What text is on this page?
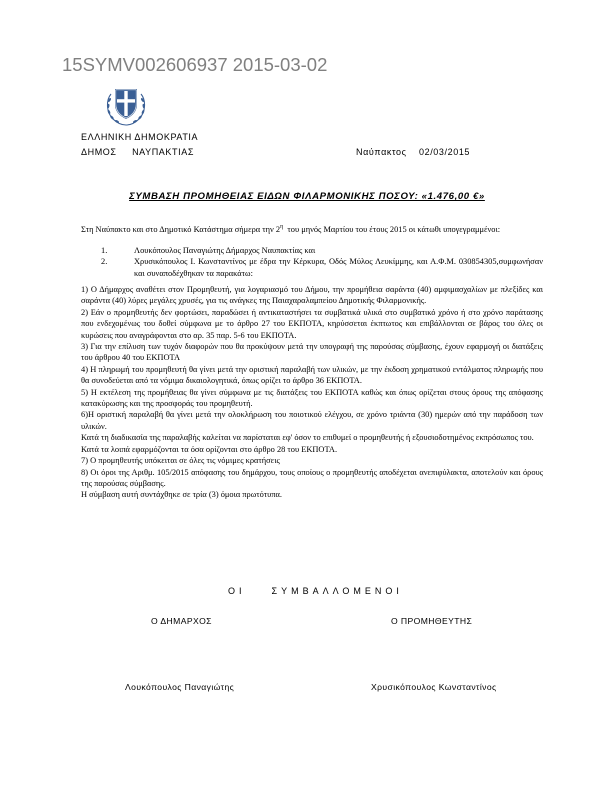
15SYMV002606937 2015-03-02
ΕΛΛΗΝΙΚΗ ΔΗΜΟΚΡΑΤΙΑ
ΔΗΜΟΣ     ΝΑΥΠΑΚΤΙΑΣ	Ναύπακτος    02/03/2015
ΣΥΜΒΑΣΗ ΠΡΟΜΗΘΕΙΑΣ ΕΙΔΩΝ ΦΙΛΑΡΜΟΝΙΚΗΣ ΠΟΣΟΥ: «1.476,00 €»
Στη Ναύπακτο και στο Δημοτικό Κατάστημα σήμερα την $2^\eta$  του μηνός Μαρτίου του έτους 2015 οι κάτωθι υπογεγραμμένοι:
1.	Λουκόπουλος Παναγιώτης Δήμαρχος Ναυπακτίας και
2.	Χρυσικόπουλος Ι. Κωνσταντίνος με έδρα την Κέρκυρα, Οδός Μύλος Λευκίμμης, και Α.Φ.Μ. 030854305,συμφωνήσαν και συναποδέχθηκαν τα παρακάτω:

1) Ο Δήμαρχος αναθέτει στον Προμηθευτή, για λογαριασμό του Δήμου, την προμήθεια σαράντα (40) αμφιμασχαλίων με πλεξίδες και σαράντα (40) λύρες μεγάλες χρυσές, για τις ανάγκες της Παιαχαραλαμπείου Δημοτικής Φιλαρμονικής.

2) Εάν ο προμηθευτής δεν φορτώσει, παραδώσει ή αντικαταστήσει τα συμβατικά υλικά στο συμβατικό χρόνο ή στο χρόνο παράτασης που ενδεχομένως του δοθεί σύμφωνα με το άρθρο 27 του ΕΚΠΟΤΑ, κηρύσσεται έκπτωτος και επιβάλλονται σε βάρος του όλες οι κυρώσεις που αναγράφονται στο αρ. 35 παρ. 5-6 του ΕΚΠΟΤΑ.

3) Για την επίλυση των τυχόν διαφορών που θα προκύψουν μετά την υπογραφή της παρούσας σύμβασης, έχουν εφαρμογή οι διατάξεις του άρθρου 40 του ΕΚΠΟΤΑ

4) Η πληρωμή του προμηθευτή θα γίνει μετά την οριστική παραλαβή των υλικών, με την έκδοση χρηματικού εντάλματος πληρωμής που θα συνοδεύεται από τα νόμιμα δικαιολογητικά, όπως ορίζει το άρθρο 36 ΕΚΠΟΤΑ.

5) Η εκτέλεση της προμήθειας θα γίνει σύμφωνα με τις διατάξεις του ΕΚΠΟΤΑ καθώς και όπως ορίζεται στους όρους της απόφασης κατακύρωσης και της προσφοράς του προμηθευτή.

6)Η οριστική παραλαβή θα γίνει μετά την ολοκλήρωση του ποιοτικού ελέγχου, σε χρόνο τριάντα (30) ημερών από την παράδοση των υλικών.

Κατά τη διαδικασία της παραλαβής καλείται να παρίσταται εφ' όσον το επιθυμεί ο προμηθευτής ή εξουσιοδοτημένος εκπρόσωπος του.

Κατά τα λοιπά εφαρμόζονται τα όσα ορίζονται στο άρθρο 28 του ΕΚΠΟΤΑ.

7) Ο προμηθευτής υπόκειται σε όλες τις νόμιμες κρατήσεις

8) Οι όροι της Αριθμ. 105/2015 απόφασης του δημάρχου, τους οποίους ο προμηθευτής αποδέχεται ανεπιφύλακτα, αποτελούν και όρους της παρούσας σύμβασης.

Η σύμβαση αυτή συντάχθηκε σε τρία (3) όμοια πρωτότυπα.

ΟΙ    ΣΥΜΒΑΛΛΟΜΕΝΟΙ
Ο ΔΗΜΑΡΧΟΣ	Ο ΠΡΟΜΗΘΕΥΤΗΣ
Λουκόπουλος Παναγιώτης	Χρυσικόπουλος Κωνσταντίνος
